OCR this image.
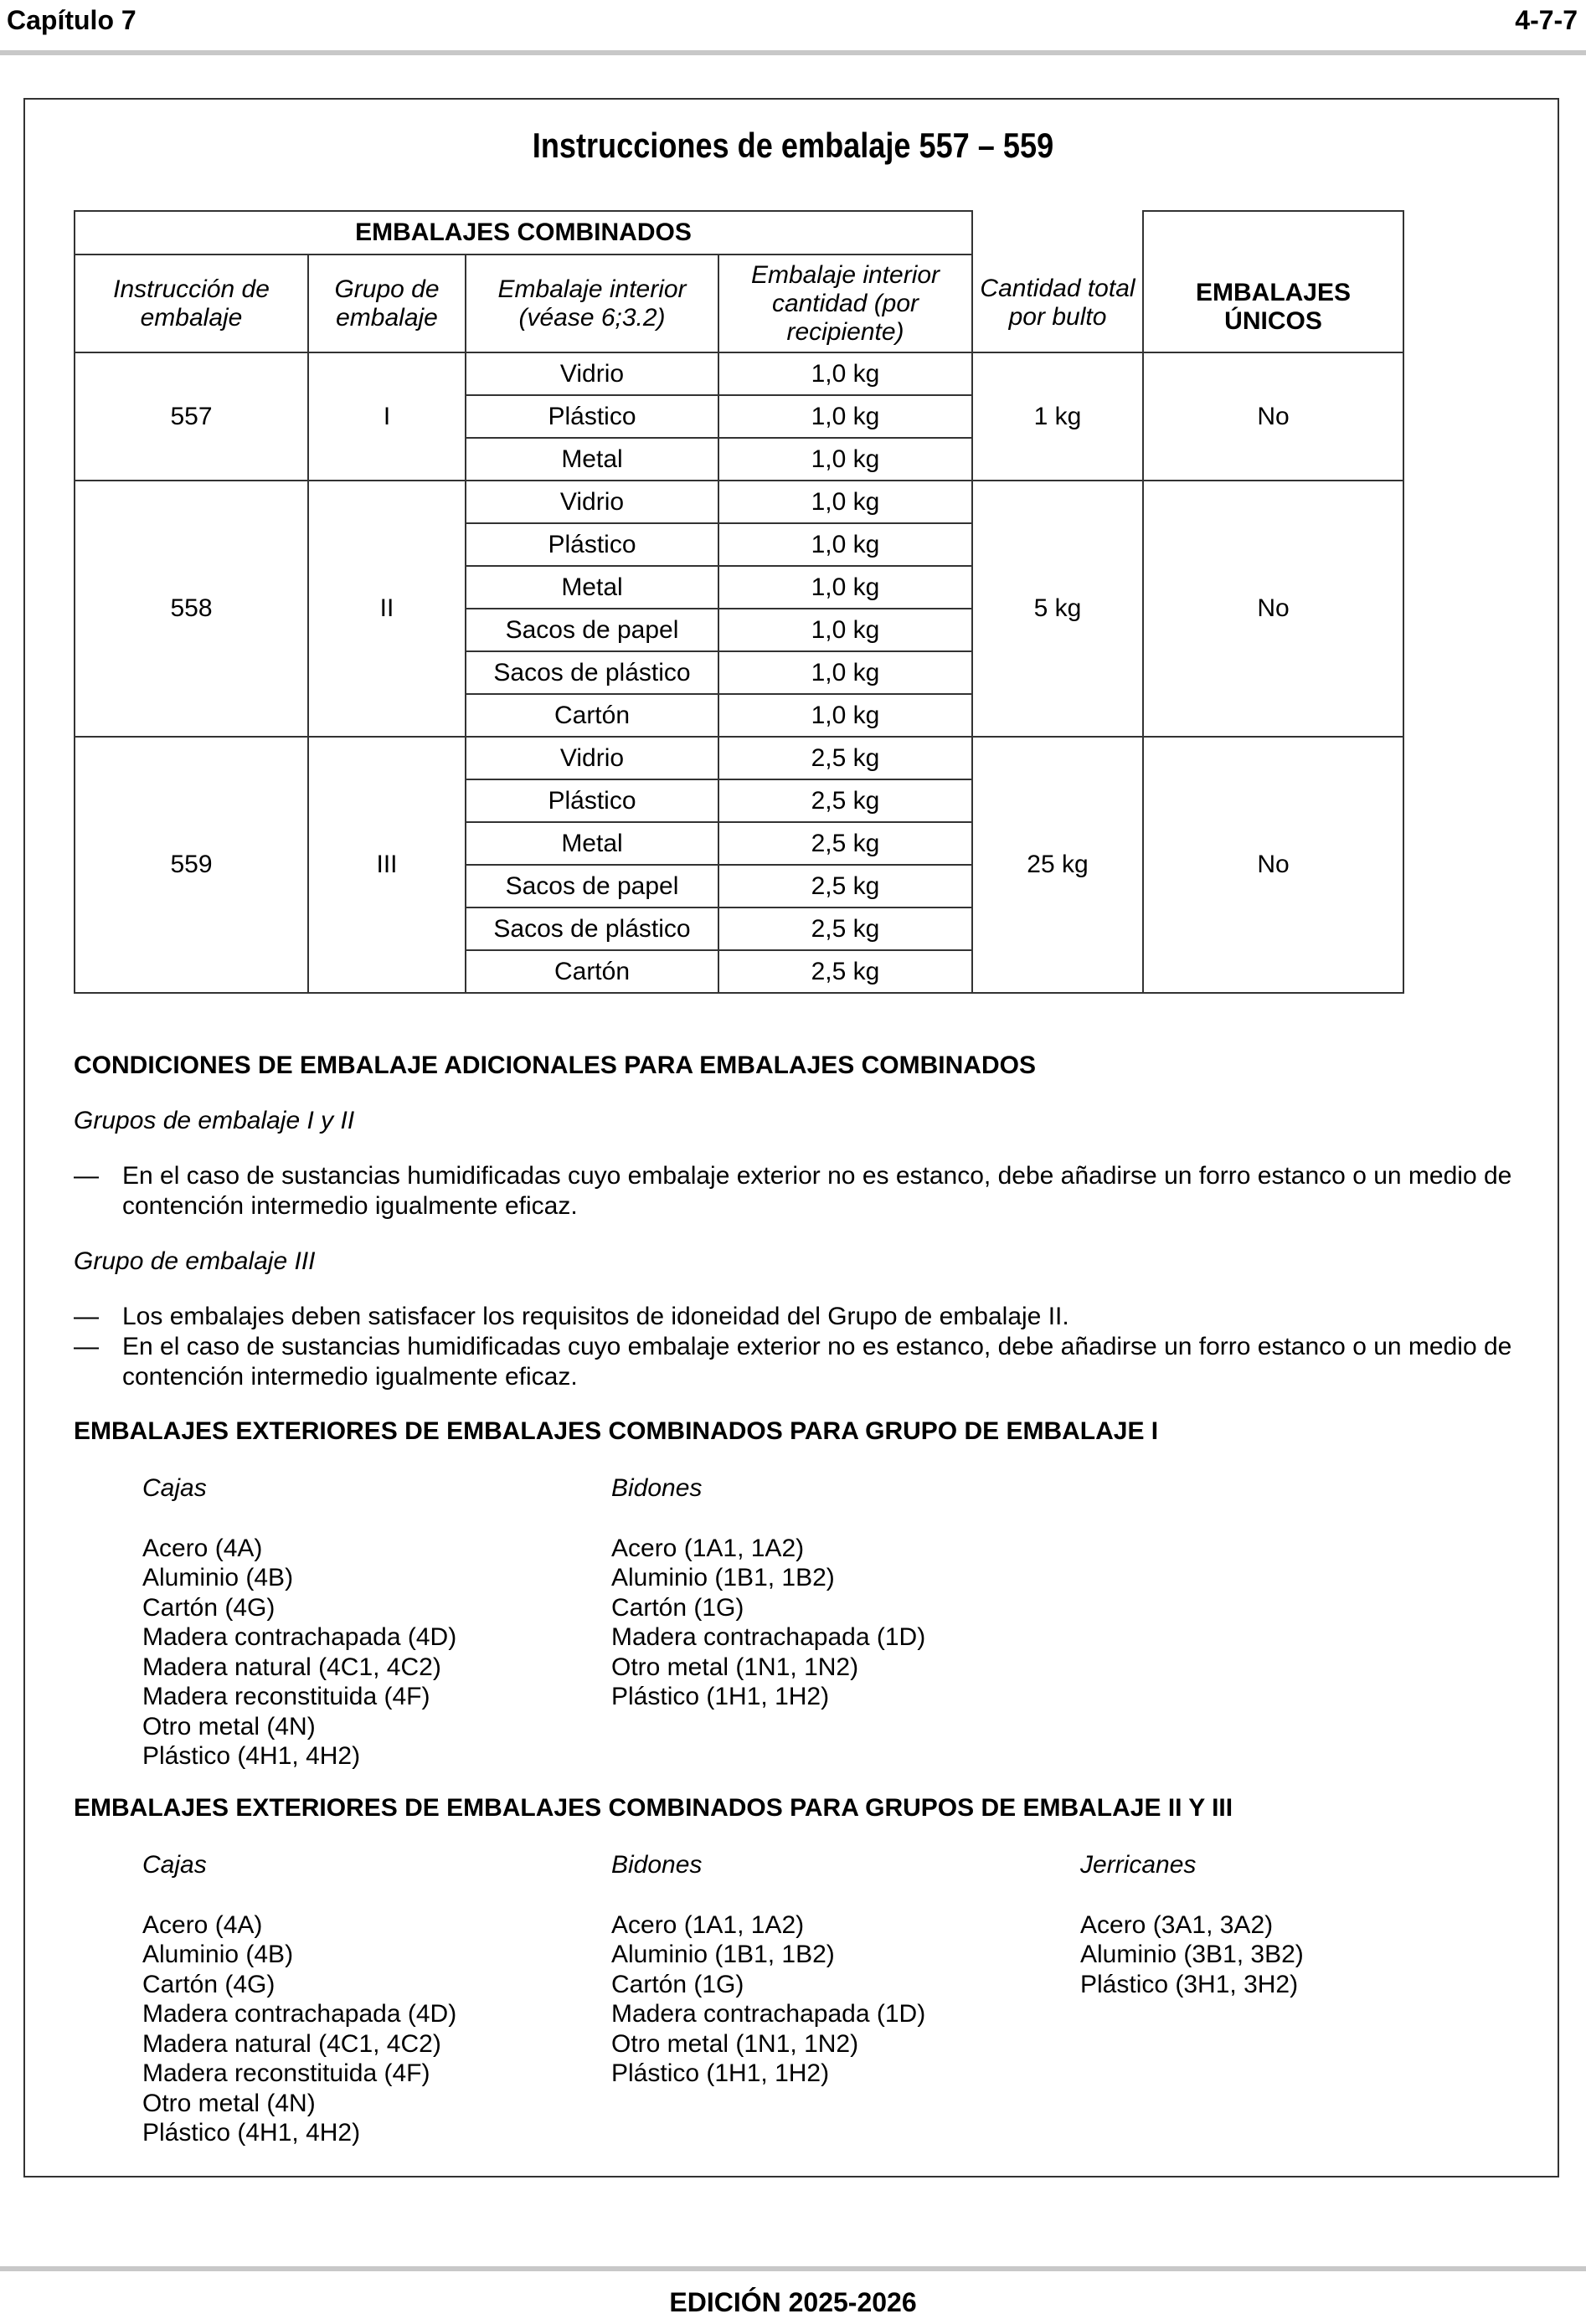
Capítulo 7	4-7-7
Instrucciones de embalaje 557 – 559
EMBALAJES COMBINADOS					EMBALAJES ÚNICOS
Instrucción de embalaje	Grupo de embalaje	Embalaje interior (véase 6;3.2)	Embalaje interior cantidad (por recipiente)	Cantidad total por bulto	
557	I	Vidrio	1,0 kg	1 kg	No
		Plástico	1,0 kg		
		Metal	1,0 kg		
558	II	Vidrio	1,0 kg	5 kg	No
		Plástico	1,0 kg		
		Metal	1,0 kg		
		Sacos de papel	1,0 kg		
		Sacos de plástico	1,0 kg		
		Cartón	1,0 kg		
559	III	Vidrio	2,5 kg	25 kg	No
		Plástico	2,5 kg		
		Metal	2,5 kg		
		Sacos de papel	2,5 kg		
		Sacos de plástico	2,5 kg		
		Cartón	2,5 kg		
CONDICIONES DE EMBALAJE ADICIONALES PARA EMBALAJES COMBINADOS
Grupos de embalaje I y II
— En el caso de sustancias humidificadas cuyo embalaje exterior no es estanco, debe añadirse un forro estanco o un medio de contención intermedio igualmente eficaz.
Grupo de embalaje III
— Los embalajes deben satisfacer los requisitos de idoneidad del Grupo de embalaje II.
— En el caso de sustancias humidificadas cuyo embalaje exterior no es estanco, debe añadirse un forro estanco o un medio de contención intermedio igualmente eficaz.
EMBALAJES EXTERIORES DE EMBALAJES COMBINADOS PARA GRUPO DE EMBALAJE I
Cajas
Acero (4A)
Aluminio (4B)
Cartón (4G)
Madera contrachapada (4D)
Madera natural (4C1, 4C2)
Madera reconstituida (4F)
Otro metal (4N)
Plástico (4H1, 4H2)
Bidones
Acero (1A1, 1A2)
Aluminio (1B1, 1B2)
Cartón (1G)
Madera contrachapada (1D)
Otro metal (1N1, 1N2)
Plástico (1H1, 1H2)
EMBALAJES EXTERIORES DE EMBALAJES COMBINADOS PARA GRUPOS DE EMBALAJE II Y III
Cajas
Acero (4A)
Aluminio (4B)
Cartón (4G)
Madera contrachapada (4D)
Madera natural (4C1, 4C2)
Madera reconstituida (4F)
Otro metal (4N)
Plástico (4H1, 4H2)
Bidones
Acero (1A1, 1A2)
Aluminio (1B1, 1B2)
Cartón (1G)
Madera contrachapada (1D)
Otro metal (1N1, 1N2)
Plástico (1H1, 1H2)
Jerricanes
Acero (3A1, 3A2)
Aluminio (3B1, 3B2)
Plástico (3H1, 3H2)
EDICIÓN 2025-2026
